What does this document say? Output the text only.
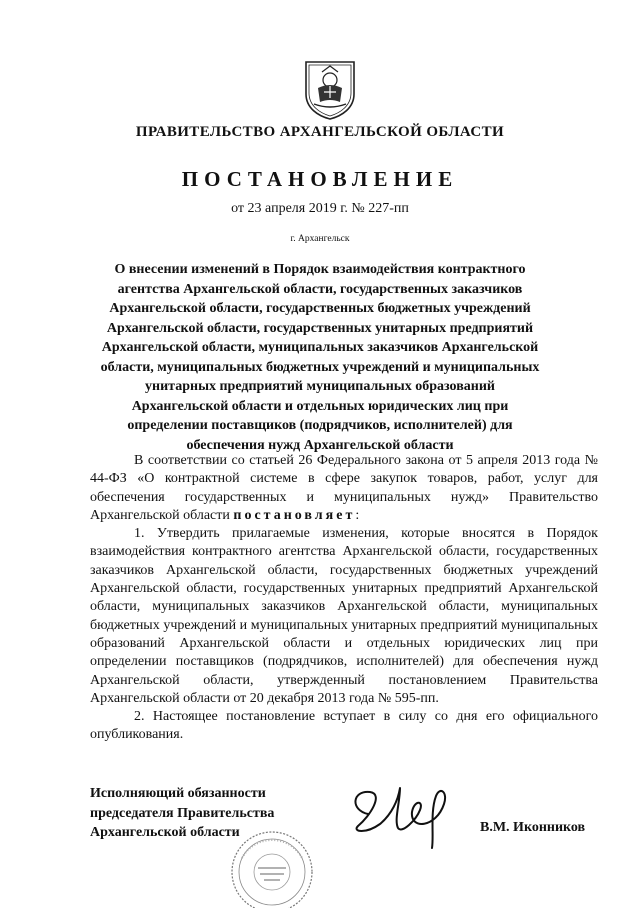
ПРАВИТЕЛЬСТВО АРХАНГЕЛЬСКОЙ ОБЛАСТИ
ПОСТАНОВЛЕНИЕ
от 23 апреля 2019 г. № 227-пп
г. Архангельск
О внесении изменений в Порядок взаимодействия контрактного агентства Архангельской области, государственных заказчиков Архангельской области, государственных бюджетных учреждений Архангельской области, государственных унитарных предприятий Архангельской области, муниципальных заказчиков Архангельской области, муниципальных бюджетных учреждений и муниципальных унитарных предприятий муниципальных образований Архангельской области и отдельных юридических лиц при определении поставщиков (подрядчиков, исполнителей) для обеспечения нужд Архангельской области

В соответствии со статьей 26 Федерального закона от 5 апреля 2013 года № 44-ФЗ «О контрактной системе в сфере закупок товаров, работ, услуг для обеспечения государственных и муниципальных нужд» Правительство Архангельской области постановляет:

1. Утвердить прилагаемые изменения, которые вносятся в Порядок взаимодействия контрактного агентства Архангельской области, государственных заказчиков Архангельской области, государственных бюджетных учреждений Архангельской области, государственных унитарных предприятий Архангельской области, муниципальных заказчиков Архангельской области, муниципальных бюджетных учреждений и муниципальных унитарных предприятий муниципальных образований Архангельской области и отдельных юридических лиц при определении поставщиков (подрядчиков, исполнителей) для обеспечения нужд Архангельской области, утвержденный постановлением Правительства Архангельской области от 20 декабря 2013 года № 595-пп.

2. Настоящее постановление вступает в силу со дня его официального опубликования.

Исполняющий обязанности
председателя Правительства
Архангельской области	В.М. Иконников
